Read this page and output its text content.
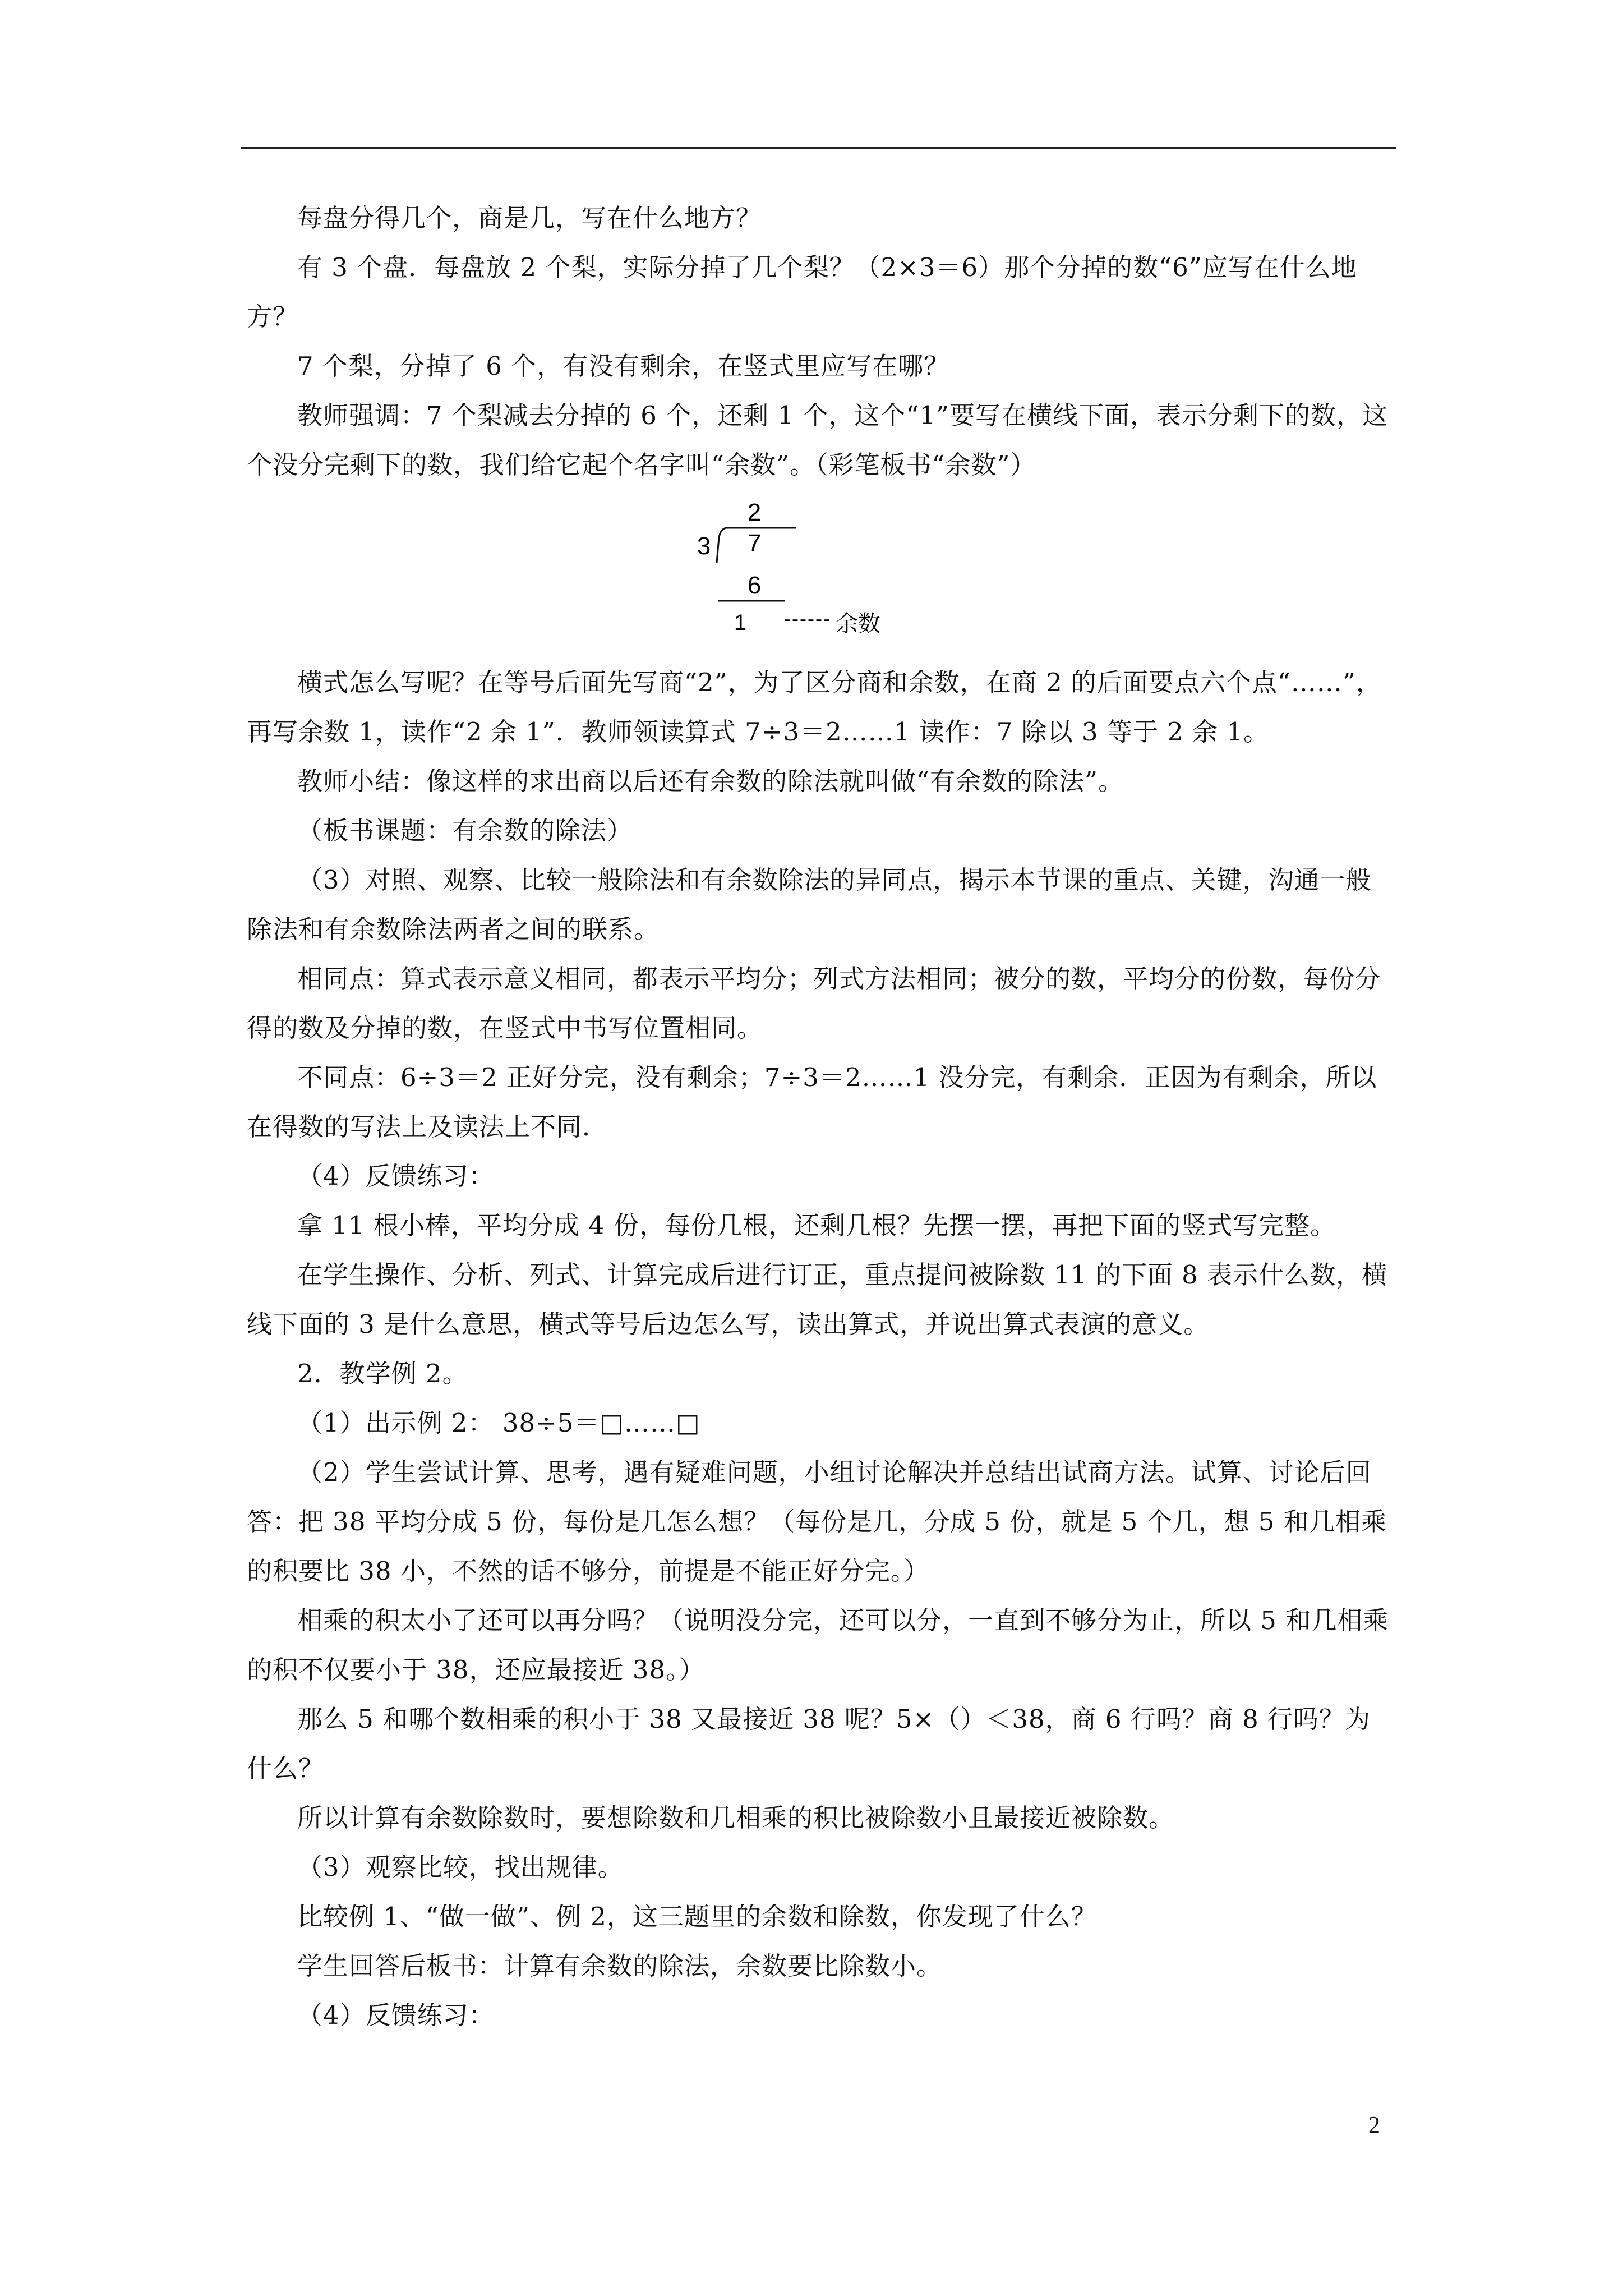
每盘分得几个，商是几，写在什么地方？

有 3 个盘．每盘放 2 个梨，实际分掉了几个梨？（2×3＝6）那个分掉的数“6”应写在什么地方？

7 个梨，分掉了 6 个，有没有剩余，在竖式里应写在哪？

教师强调：7 个梨减去分掉的 6 个，还剩 1 个，这个“1”要写在横线下面，表示分剩下的数，这个没分完剩下的数，我们给它起个名字叫“余数”。（彩笔板书“余数”）

2
3 7
6
1 ------ 余数

横式怎么写呢？在等号后面先写商“2”，为了区分商和余数，在商 2 的后面要点六个点“……”，再写余数 1，读作“2 余 1”．教师领读算式 7÷3＝2……1 读作：7 除以 3 等于 2 余 1。

教师小结：像这样的求出商以后还有余数的除法就叫做“有余数的除法”。

（板书课题：有余数的除法）

（3）对照、观察、比较一般除法和有余数除法的异同点，揭示本节课的重点、关键，沟通一般除法和有余数除法两者之间的联系。

相同点：算式表示意义相同，都表示平均分；列式方法相同；被分的数，平均分的份数，每份分得的数及分掉的数，在竖式中书写位置相同。

不同点：6÷3＝2 正好分完，没有剩余；7÷3＝2……1 没分完，有剩余．正因为有剩余，所以在得数的写法上及读法上不同．

（4）反馈练习：

拿 11 根小棒，平均分成 4 份，每份几根，还剩几根？先摆一摆，再把下面的竖式写完整。

在学生操作、分析、列式、计算完成后进行订正，重点提问被除数 11 的下面 8 表示什么数，横线下面的 3 是什么意思，横式等号后边怎么写，读出算式，并说出算式表演的意义。

2．教学例 2。

（1）出示例 2： 38÷5＝□……□

（2）学生尝试计算、思考，遇有疑难问题，小组讨论解决并总结出试商方法。试算、讨论后回答：把 38 平均分成 5 份，每份是几怎么想？（每份是几，分成 5 份，就是 5 个几，想 5 和几相乘的积要比 38 小，不然的话不够分，前提是不能正好分完。）

相乘的积太小了还可以再分吗？（说明没分完，还可以分，一直到不够分为止，所以 5 和几相乘的积不仅要小于 38，还应最接近 38。）

那么 5 和哪个数相乘的积小于 38 又最接近 38 呢？5×（）＜38，商 6 行吗？商 8 行吗？为什么？

所以计算有余数除数时，要想除数和几相乘的积比被除数小且最接近被除数。

（3）观察比较，找出规律。

比较例 1、“做一做”、例 2，这三题里的余数和除数，你发现了什么？

学生回答后板书：计算有余数的除法，余数要比除数小。

（4）反馈练习：

2
